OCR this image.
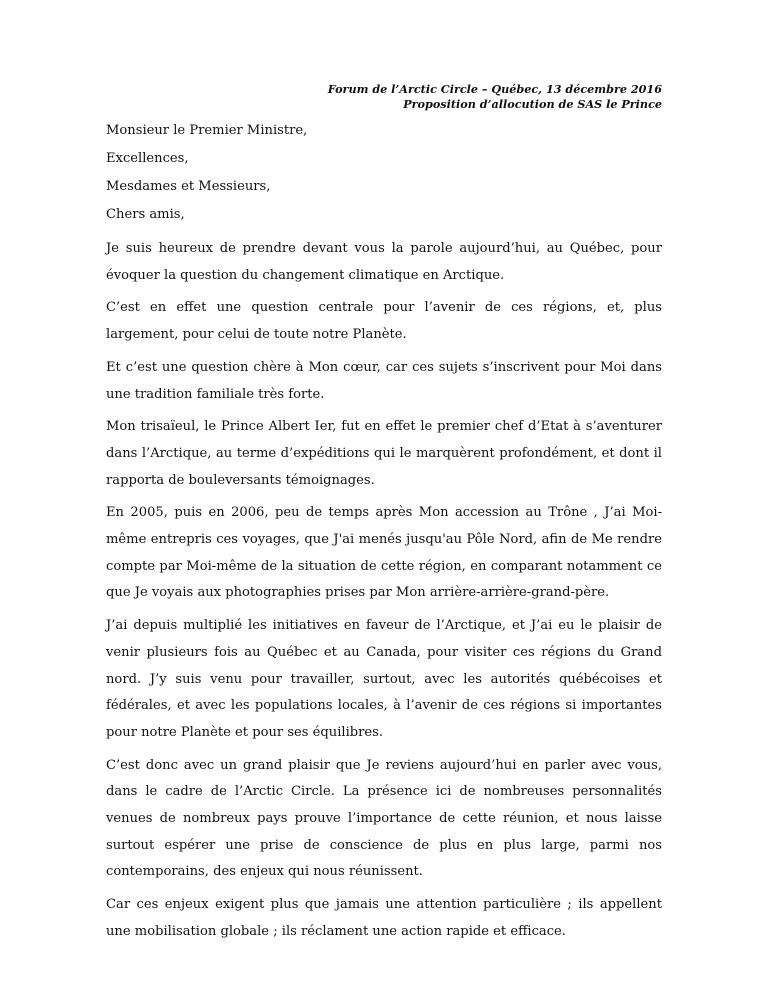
Forum de l’Arctic Circle – Québec, 13 décembre 2016
Proposition d’allocution de SAS le Prince

Monsieur le Premier Ministre,

Excellences,

Mesdames et Messieurs,

Chers amis,

Je suis heureux de prendre devant vous la parole aujourd’hui, au Québec, pour évoquer la question du changement climatique en Arctique.

C’est en effet une question centrale pour l’avenir de ces régions, et, plus largement, pour celui de toute notre Planète.

Et c’est une question chère à Mon cœur, car ces sujets s’inscrivent pour Moi dans une tradition familiale très forte.

Mon trisaïeul, le Prince Albert Ier, fut en effet le premier chef d’Etat à s’aventurer dans l’Arctique, au terme d’expéditions qui le marquèrent profondément, et dont il rapporta de bouleversants témoignages.

En 2005, puis en 2006, peu de temps après Mon accession au Trône , J’ai Moi-même entrepris ces voyages, que J'ai menés jusqu'au Pôle Nord, afin de Me rendre compte par Moi-même de la situation de cette région, en comparant notamment ce que Je voyais aux photographies prises par Mon arrière-arrière-grand-père.

J’ai depuis multiplié les initiatives en faveur de l’Arctique, et J’ai eu le plaisir de venir plusieurs fois au Québec et au Canada, pour visiter ces régions du Grand nord. J’y suis venu pour travailler, surtout, avec les autorités québécoises et fédérales, et avec les populations locales, à l’avenir de ces régions si importantes pour notre Planète et pour ses équilibres.

C’est donc avec un grand plaisir que Je reviens aujourd’hui en parler avec vous, dans le cadre de l’Arctic Circle. La présence ici de nombreuses personnalités venues de nombreux pays prouve l’importance de cette réunion, et nous laisse surtout espérer une prise de conscience de plus en plus large, parmi nos contemporains, des enjeux qui nous réunissent.

Car ces enjeux exigent plus que jamais une attention particulière ; ils appellent une mobilisation globale ; ils réclament une action rapide et efficace.
